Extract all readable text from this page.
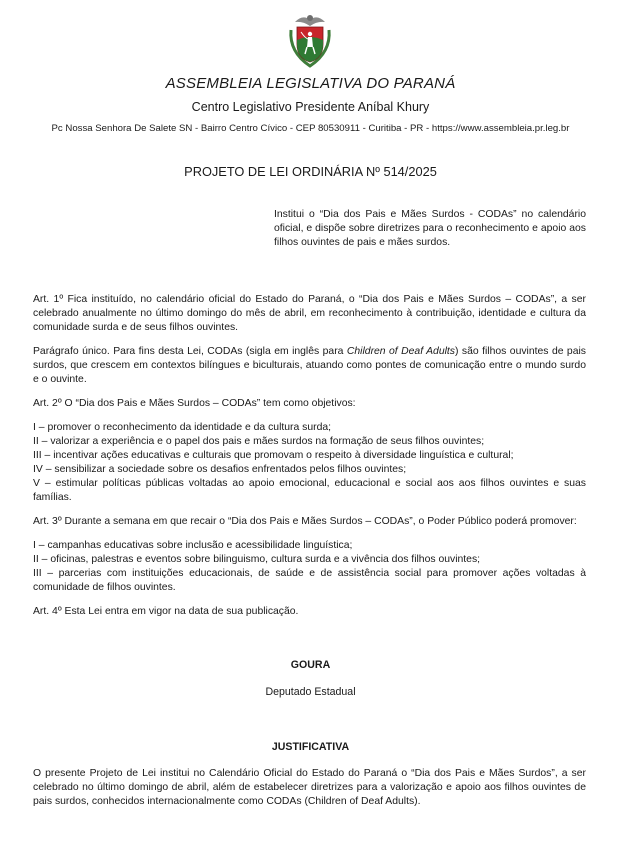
ASSEMBLEIA LEGISLATIVA DO PARANÁ
Centro Legislativo Presidente Aníbal Khury
Pc Nossa Senhora De Salete SN - Bairro Centro Cívico - CEP 80530911 - Curitiba - PR - https://www.assembleia.pr.leg.br
PROJETO DE LEI ORDINÁRIA Nº 514/2025
Institui o “Dia dos Pais e Mães Surdos - CODAs” no calendário oficial, e dispõe sobre diretrizes para o reconhecimento e apoio aos filhos ouvintes de pais e mães surdos.

Art. 1º Fica instituído, no calendário oficial do Estado do Paraná, o “Dia dos Pais e Mães Surdos – CODAs”, a ser celebrado anualmente no último domingo do mês de abril, em reconhecimento à contribuição, identidade e cultura da comunidade surda e de seus filhos ouvintes.

Parágrafo único. Para fins desta Lei, CODAs (sigla em inglês para Children of Deaf Adults) são filhos ouvintes de pais surdos, que crescem em contextos bilíngues e biculturais, atuando como pontes de comunicação entre o mundo surdo e o ouvinte.

Art. 2º O “Dia dos Pais e Mães Surdos – CODAs” tem como objetivos:

I – promover o reconhecimento da identidade e da cultura surda;

II – valorizar a experiência e o papel dos pais e mães surdos na formação de seus filhos ouvintes;

III – incentivar ações educativas e culturais que promovam o respeito à diversidade linguística e cultural;

IV – sensibilizar a sociedade sobre os desafios enfrentados pelos filhos ouvintes;

V – estimular políticas públicas voltadas ao apoio emocional, educacional e social aos aos filhos ouvintes e suas famílias.

Art. 3º Durante a semana em que recair o “Dia dos Pais e Mães Surdos – CODAs”, o Poder Público poderá promover:

I – campanhas educativas sobre inclusão e acessibilidade linguística;

II – oficinas, palestras e eventos sobre bilinguismo, cultura surda e a vivência dos filhos ouvintes;

III – parcerias com instituições educacionais, de saúde e de assistência social para promover ações voltadas à comunidade de filhos ouvintes.

Art. 4º Esta Lei entra em vigor na data de sua publicação.

GOURA
Deputado Estadual
JUSTIFICATIVA
O presente Projeto de Lei institui no Calendário Oficial do Estado do Paraná o “Dia dos Pais e Mães Surdos”, a ser celebrado no último domingo de abril, além de estabelecer diretrizes para a valorização e apoio aos filhos ouvintes de pais surdos, conhecidos internacionalmente como CODAs (Children of Deaf Adults).
